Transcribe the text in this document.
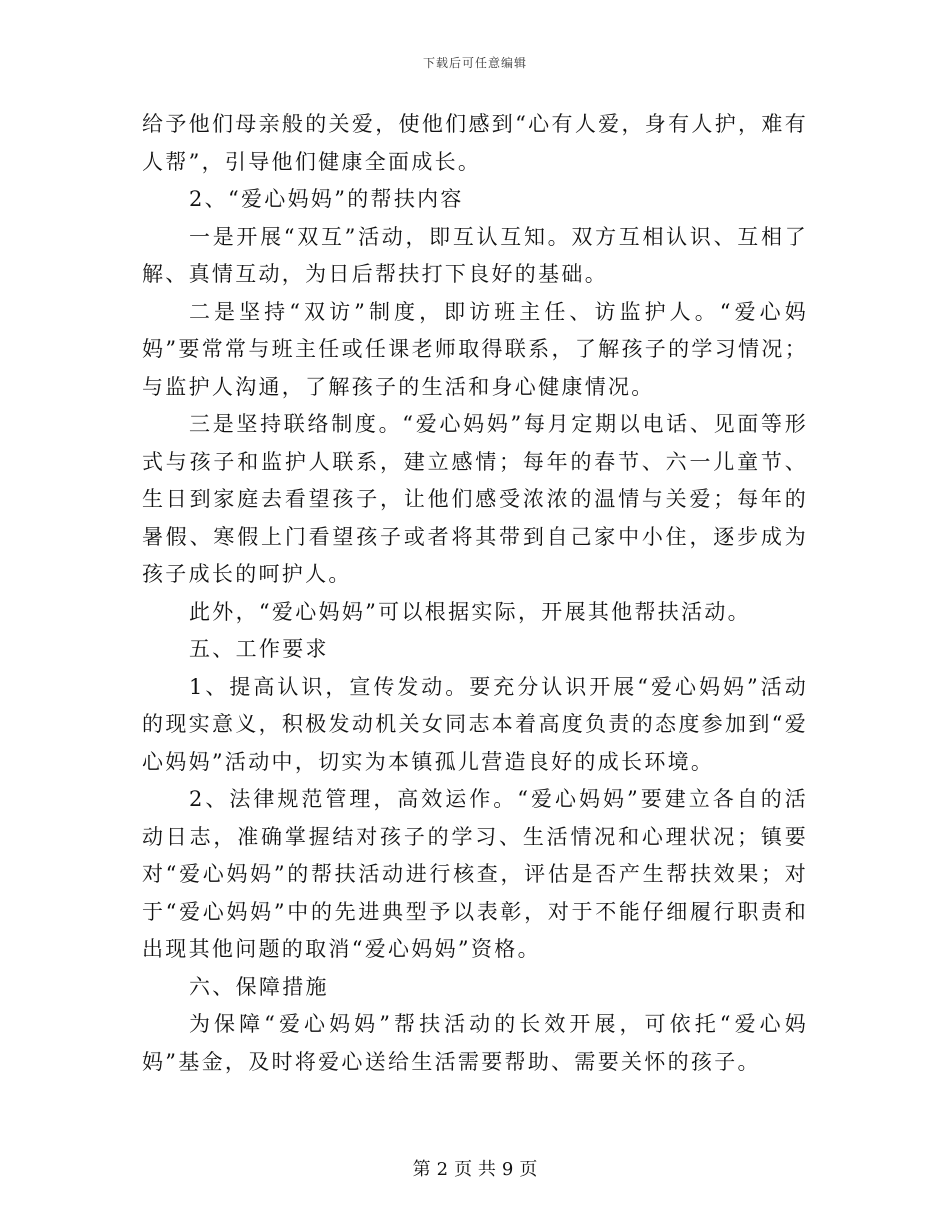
下载后可任意编辑

给予他们母亲般的关爱，使他们感到“心有人爱，身有人护，难有人帮”，引导他们健康全面成长。

2、“爱心妈妈”的帮扶内容

一是开展“双互”活动，即互认互知。双方互相认识、互相了解、真情互动，为日后帮扶打下良好的基础。

二是坚持“双访”制度，即访班主任、访监护人。“爱心妈妈”要常常与班主任或任课老师取得联系，了解孩子的学习情况；与监护人沟通，了解孩子的生活和身心健康情况。

三是坚持联络制度。“爱心妈妈”每月定期以电话、见面等形式与孩子和监护人联系，建立感情；每年的春节、六一儿童节、生日到家庭去看望孩子，让他们感受浓浓的温情与关爱；每年的暑假、寒假上门看望孩子或者将其带到自己家中小住，逐步成为孩子成长的呵护人。

此外，“爱心妈妈”可以根据实际，开展其他帮扶活动。

五、工作要求

1、提高认识，宣传发动。要充分认识开展“爱心妈妈”活动的现实意义，积极发动机关女同志本着高度负责的态度参加到“爱心妈妈”活动中，切实为本镇孤儿营造良好的成长环境。

2、法律规范管理，高效运作。“爱心妈妈”要建立各自的活动日志，准确掌握结对孩子的学习、生活情况和心理状况；镇要对“爱心妈妈”的帮扶活动进行核查，评估是否产生帮扶效果；对于“爱心妈妈”中的先进典型予以表彰，对于不能仔细履行职责和出现其他问题的取消“爱心妈妈”资格。

六、保障措施

为保障“爱心妈妈”帮扶活动的长效开展，可依托“爱心妈妈”基金，及时将爱心送给生活需要帮助、需要关怀的孩子。

第 2 页 共 9 页
